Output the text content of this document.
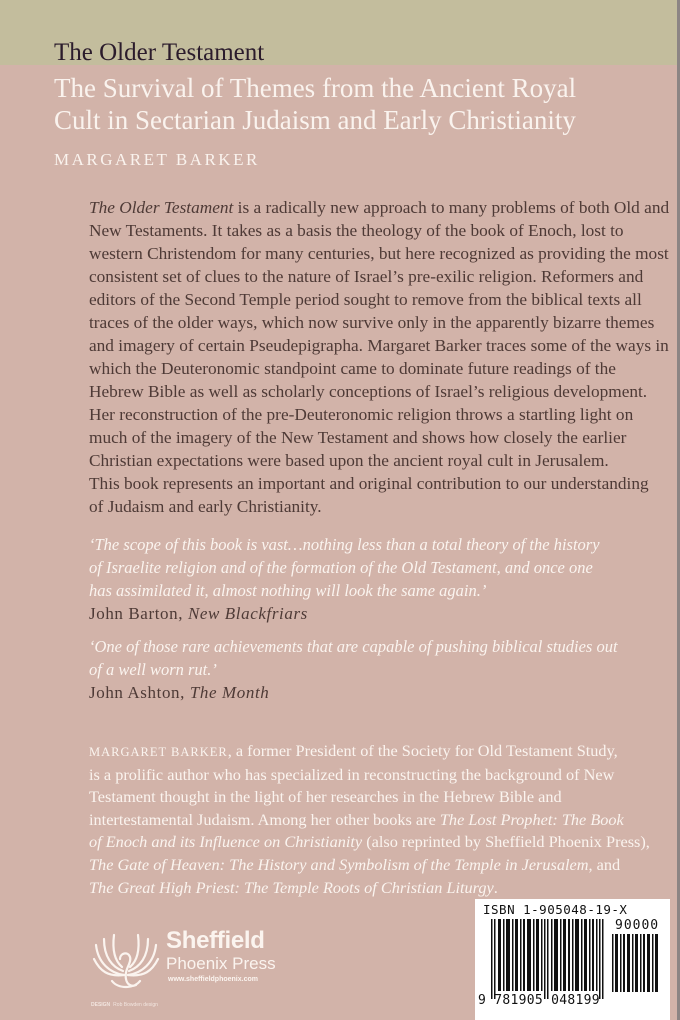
The Older Testament
The Survival of Themes from the Ancient Royal
Cult in Sectarian Judaism and Early Christianity
MARGARET BARKER
The Older Testament is a radically new approach to many problems of both Old and
New Testaments. It takes as a basis the theology of the book of Enoch, lost to
western Christendom for many centuries, but here recognized as providing the most
consistent set of clues to the nature of Israel’s pre-exilic religion. Reformers and
editors of the Second Temple period sought to remove from the biblical texts all
traces of the older ways, which now survive only in the apparently bizarre themes
and imagery of certain Pseudepigrapha. Margaret Barker traces some of the ways in
which the Deuteronomic standpoint came to dominate future readings of the
Hebrew Bible as well as scholarly conceptions of Israel’s religious development.
Her reconstruction of the pre-Deuteronomic religion throws a startling light on
much of the imagery of the New Testament and shows how closely the earlier
Christian expectations were based upon the ancient royal cult in Jerusalem.
This book represents an important and original contribution to our understanding
of Judaism and early Christianity.
‘The scope of this book is vast…nothing less than a total theory of the history
of Israelite religion and of the formation of the Old Testament, and once one
has assimilated it, almost nothing will look the same again.’
John Barton, New Blackfriars
‘One of those rare achievements that are capable of pushing biblical studies out
of a well worn rut.’
John Ashton, The Month
MARGARET BARKER, a former President of the Society for Old Testament Study,
is a prolific author who has specialized in reconstructing the background of New
Testament thought in the light of her researches in the Hebrew Bible and
intertestamental Judaism. Among her other books are The Lost Prophet: The Book
of Enoch and its Influence on Christianity (also reprinted by Sheffield Phoenix Press),
The Gate of Heaven: The History and Symbolism of the Temple in Jerusalem, and
The Great High Priest: The Temple Roots of Christian Liturgy.
Sheffield
Phoenix Press
www.sheffieldphoenix.com
DESIGN Rob Bowden design
ISBN 1-905048-19-X
90000
9 781905 048199
